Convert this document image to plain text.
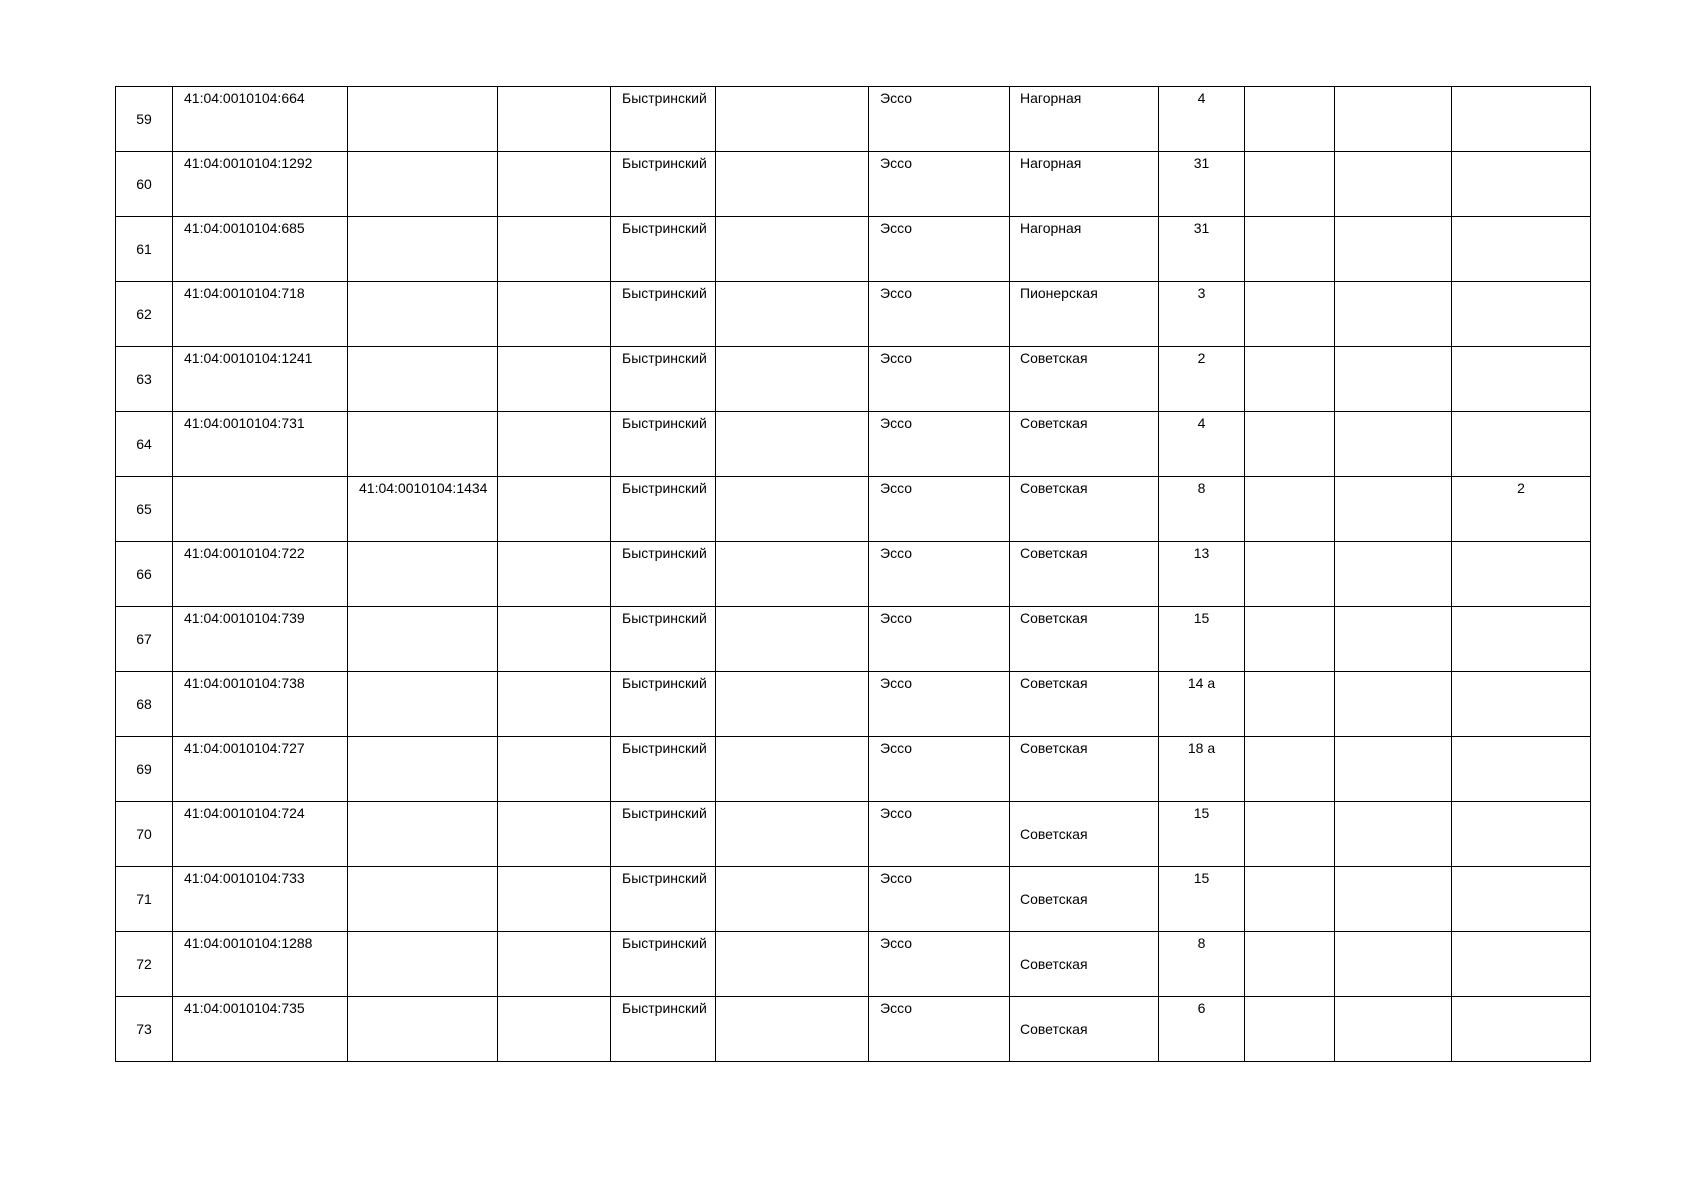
59	41:04:0010104:664			Быстринский		Эссо	Нагорная	4			

60	41:04:0010104:1292			Быстринский		Эссо	Нагорная	31			

61	41:04:0010104:685			Быстринский		Эссо	Нагорная	31			

62	41:04:0010104:718			Быстринский		Эссо	Пионерская	3			

63	41:04:0010104:1241			Быстринский		Эссо	Советская	2			

64	41:04:0010104:731			Быстринский		Эссо	Советская	4			

65		41:04:0010104:1434		Быстринский		Эссо	Советская	8			2

66	41:04:0010104:722			Быстринский		Эссо	Советская	13			

67	41:04:0010104:739			Быстринский		Эссо	Советская	15			

68	41:04:0010104:738			Быстринский		Эссо	Советская	14 а			

69	41:04:0010104:727			Быстринский		Эссо	Советская	18 а			

70	41:04:0010104:724			Быстринский		Эссо	Советская	15			

71	41:04:0010104:733			Быстринский		Эссо	Советская	15			

72	41:04:0010104:1288			Быстринский		Эссо	Советская	8			

73	41:04:0010104:735			Быстринский		Эссо	Советская	6			
